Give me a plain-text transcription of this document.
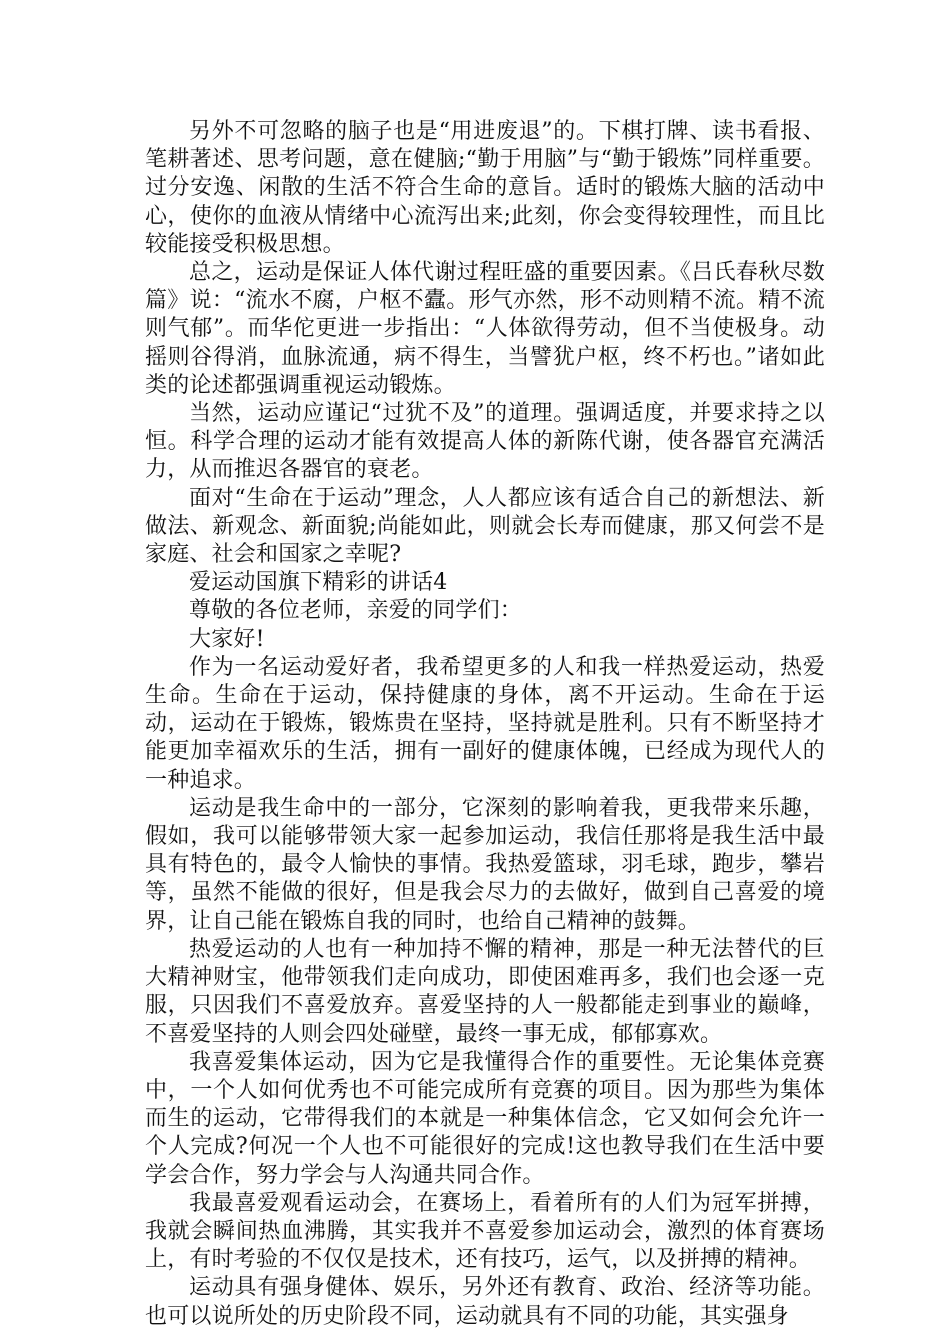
另外不可忽略的脑子也是“用进废退”的。下棋打牌、读书看报、笔耕著述、思考问题，意在健脑;“勤于用脑”与“勤于锻炼”同样重要。过分安逸、闲散的生活不符合生命的意旨。适时的锻炼大脑的活动中心，使你的血液从情绪中心流泻出来;此刻，你会变得较理性，而且比较能接受积极思想。

总之，运动是保证人体代谢过程旺盛的重要因素。《吕氏春秋尽数篇》说：“流水不腐，户枢不蠹。形气亦然，形不动则精不流。精不流则气郁”。而华佗更进一步指出：“人体欲得劳动，但不当使极身。动摇则谷得消，血脉流通，病不得生，当譬犹户枢，终不朽也。”诸如此类的论述都强调重视运动锻炼。

当然，运动应谨记“过犹不及”的道理。强调适度，并要求持之以恒。科学合理的运动才能有效提高人体的新陈代谢，使各器官充满活力，从而推迟各器官的衰老。

面对“生命在于运动”理念，人人都应该有适合自己的新想法、新做法、新观念、新面貌;尚能如此，则就会长寿而健康，那又何尝不是家庭、社会和国家之幸呢?

爱运动国旗下精彩的讲话4

尊敬的各位老师，亲爱的同学们：

大家好!

作为一名运动爱好者，我希望更多的人和我一样热爱运动，热爱生命。生命在于运动，保持健康的身体，离不开运动。生命在于运动，运动在于锻炼，锻炼贵在坚持，坚持就是胜利。只有不断坚持才能更加幸福欢乐的生活，拥有一副好的健康体魄，已经成为现代人的一种追求。

运动是我生命中的一部分，它深刻的影响着我，更我带来乐趣，假如，我可以能够带领大家一起参加运动，我信任那将是我生活中最具有特色的，最令人愉快的事情。我热爱篮球，羽毛球，跑步，攀岩等，虽然不能做的很好，但是我会尽力的去做好，做到自己喜爱的境界，让自己能在锻炼自我的同时，也给自己精神的鼓舞。

热爱运动的人也有一种加持不懈的精神，那是一种无法替代的巨大精神财宝，他带领我们走向成功，即使困难再多，我们也会逐一克服，只因我们不喜爱放弃。喜爱坚持的人一般都能走到事业的巅峰，不喜爱坚持的人则会四处碰壁，最终一事无成，郁郁寡欢。

我喜爱集体运动，因为它是我懂得合作的重要性。无论集体竞赛中，一个人如何优秀也不可能完成所有竞赛的项目。因为那些为集体而生的运动，它带得我们的本就是一种集体信念，它又如何会允许一个人完成?何况一个人也不可能很好的完成!这也教导我们在生活中要学会合作，努力学会与人沟通共同合作。

我最喜爱观看运动会，在赛场上，看着所有的人们为冠军拼搏，我就会瞬间热血沸腾，其实我并不喜爱参加运动会，激烈的体育赛场上，有时考验的不仅仅是技术，还有技巧，运气，以及拼搏的精神。

运动具有强身健体、娱乐，另外还有教育、政治、经济等功能。也可以说所处的历史阶段不同，运动就具有不同的功能，其实强身
